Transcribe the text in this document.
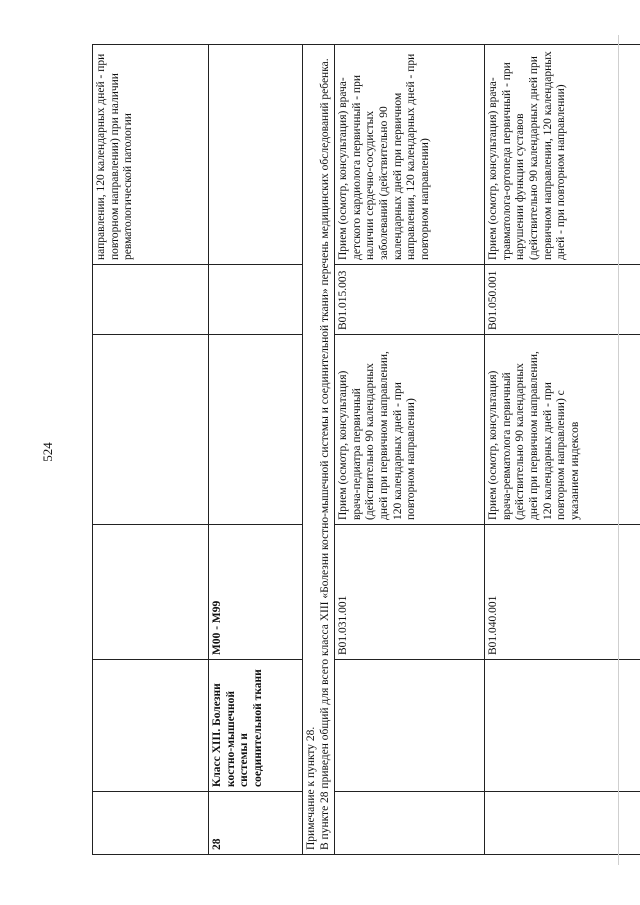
524
					направлении, 120 календарных дней - при повторном направлении) при наличии ревматологической патологии
28	Класс XIII. Болезни костно-мышечной системы и соединительной ткани	М00 - М99			

Примечание к пункту 28. В пункте 28 приведен общий для всего класса XIII «Болезни костно-мышечной системы и соединительной ткани» перечень медицинских обследований ребенка.					

		В01.031.001	Прием (осмотр, консультация) врача-педиатра первичный (действительно 90 календарных дней при первичном направлении, 120 календарных дней - при повторном направлении)	В01.015.003	Прием (осмотр, консультация) врача-детского кардиолога первичный - при наличии сердечно-сосудистых заболеваний (действительно 90 календарных дней при первичном направлении, 120 календарных дней - при повторном направлении)
		В01.040.001	Прием (осмотр, консультация) врача-ревматолога первичный (действительно 90 календарных дней при первичном направлении, 120 календарных дней - при повторном направлении) с указанием индексов	В01.050.001	Прием (осмотр, консультация) врача-травматолога-ортопеда первичный - при нарушении функции суставов (действительно 90 календарных дней при первичном направлении, 120 календарных дней - при повторном направлении)
